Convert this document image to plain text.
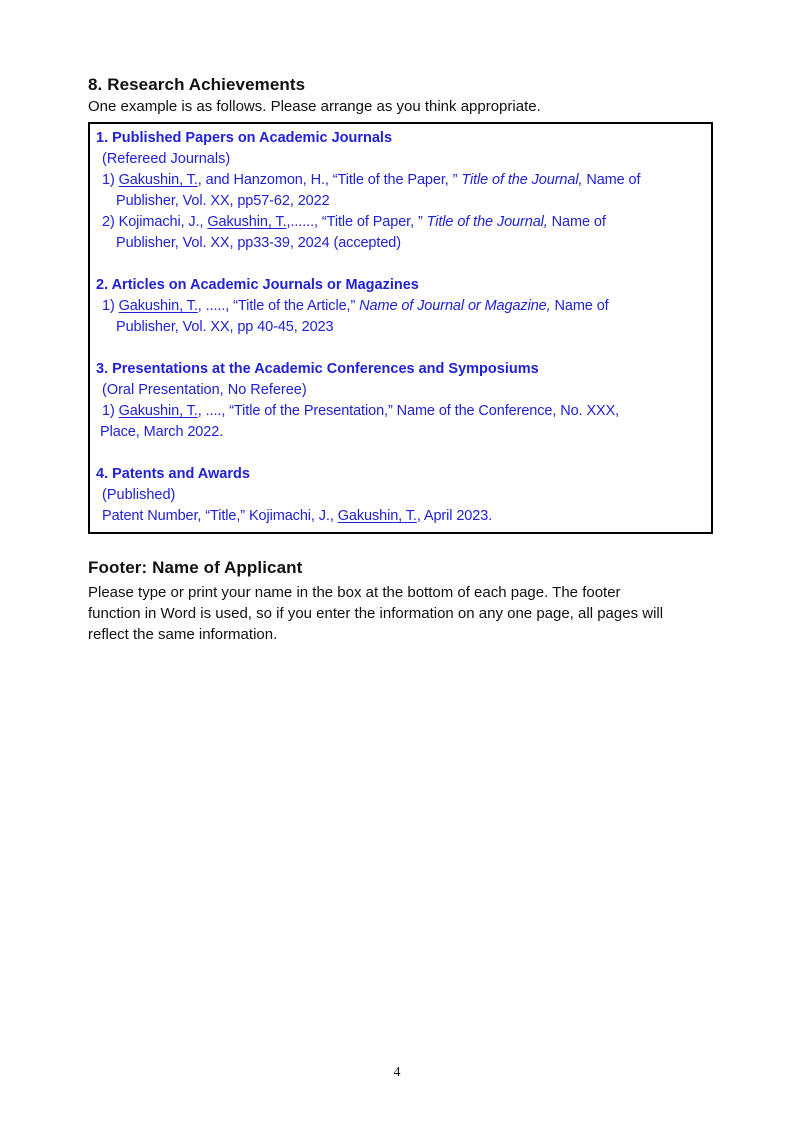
8. Research Achievements

One example is as follows. Please arrange as you think appropriate.

1. Published Papers on Academic Journals
(Refereed Journals)
1) Gakushin, T., and Hanzomon, H., “Title of the Paper, ” Title of the Journal, Name of
Publisher, Vol. XX, pp57-62, 2022
2) Kojimachi, J., Gakushin, T.,......, “Title of Paper, ” Title of the Journal, Name of
Publisher, Vol. XX, pp33-39, 2024 (accepted)
2. Articles on Academic Journals or Magazines
1) Gakushin, T., ....., “Title of the Article,” Name of Journal or Magazine, Name of
Publisher, Vol. XX, pp 40-45, 2023
3. Presentations at the Academic Conferences and Symposiums
(Oral Presentation, No Referee)
1) Gakushin, T., ...., “Title of the Presentation,” Name of the Conference, No. XXX,
Place, March 2022.
4. Patents and Awards
(Published)
Patent Number, “Title,” Kojimachi, J., Gakushin, T., April 2023.
Footer: Name of Applicant
Please type or print your name in the box at the bottom of each page. The footer
function in Word is used, so if you enter the information on any one page, all pages will
reflect the same information.
4
